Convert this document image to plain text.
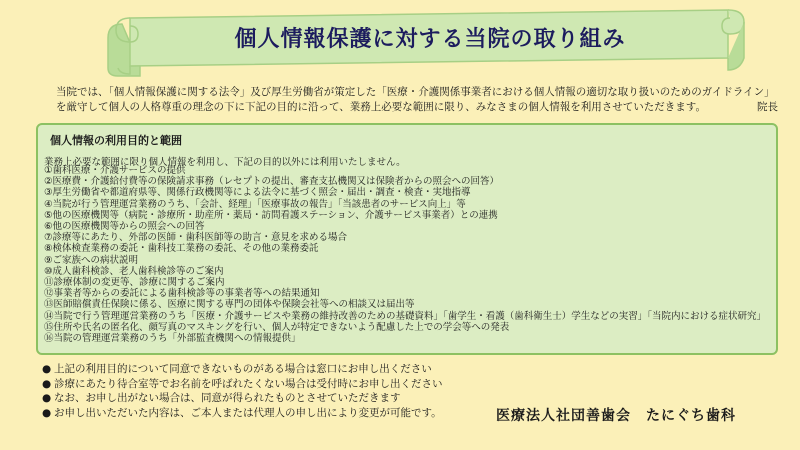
個人情報保護に対する当院の取り組み
当院では、「個人情報保護に関する法令」及び厚生労働省が策定した「医療・介護関係事業者における個人情報の適切な取り扱いのためのガイドライン」を厳守して個人の人格尊重の理念の下に下記の目的に沿って、業務上必要な範囲に限り、みなさまの個人情報を利用させていただきます。	院長
個人情報の利用目的と範囲
業務上必要な範囲に限り個人情報を利用し、下記の目的以外には利用いたしません。
①歯科医療・介護サービスの提供
②医療費・介護給付費等の保険請求事務（レセプトの提出、審査支払機関又は保険者からの照会への回答）
③厚生労働省や都道府県等、関係行政機関等による法令に基づく照会・届出・調査・検査・実地指導
④当院が行う管理運営業務のうち、「会計、経理」「医療事故の報告」「当該患者のサービス向上」等
⑤他の医療機関等（病院・診療所・助産所・薬局・訪問看護ステーション、介護サービス事業者）との連携
⑥他の医療機関等からの照会への回答
⑦診療等にあたり、外部の医師・歯科医師等の助言・意見を求める場合
⑧検体検査業務の委託・歯科技工業務の委託、その他の業務委託
⑨ご家族への病状説明
⑩成人歯科検診、老人歯科検診等のご案内
⑪診療体制の変更等、診療に関するご案内
⑫事業者等からの委託による歯科検診等の事業者等への結果通知
⑬医師賠償責任保険に係る、医療に関する専門の団体や保険会社等への相談又は届出等
⑭当院で行う管理運営業務のうち「医療・介護サービスや業務の維持改善のための基礎資料」「歯学生・看護（歯科衛生士）学生などの実習」「当院内における症状研究」
⑮住所や氏名の匿名化、顔写真のマスキングを行い、個人が特定できないよう配慮した上での学会等への発表
⑯当院の管理運営業務のうち「外部監査機関への情報提供」
● 上記の利用目的について同意できないものがある場合は窓口にお申し出ください
● 診療にあたり待合室等でお名前を呼ばれたくない場合は受付時にお申し出ください
● なお、お申し出がない場合は、同意が得られたものとさせていただきます
● お申し出いただいた内容は、ご本人または代理人の申し出により変更が可能です。	医療法人社団善歯会　たにぐち歯科
